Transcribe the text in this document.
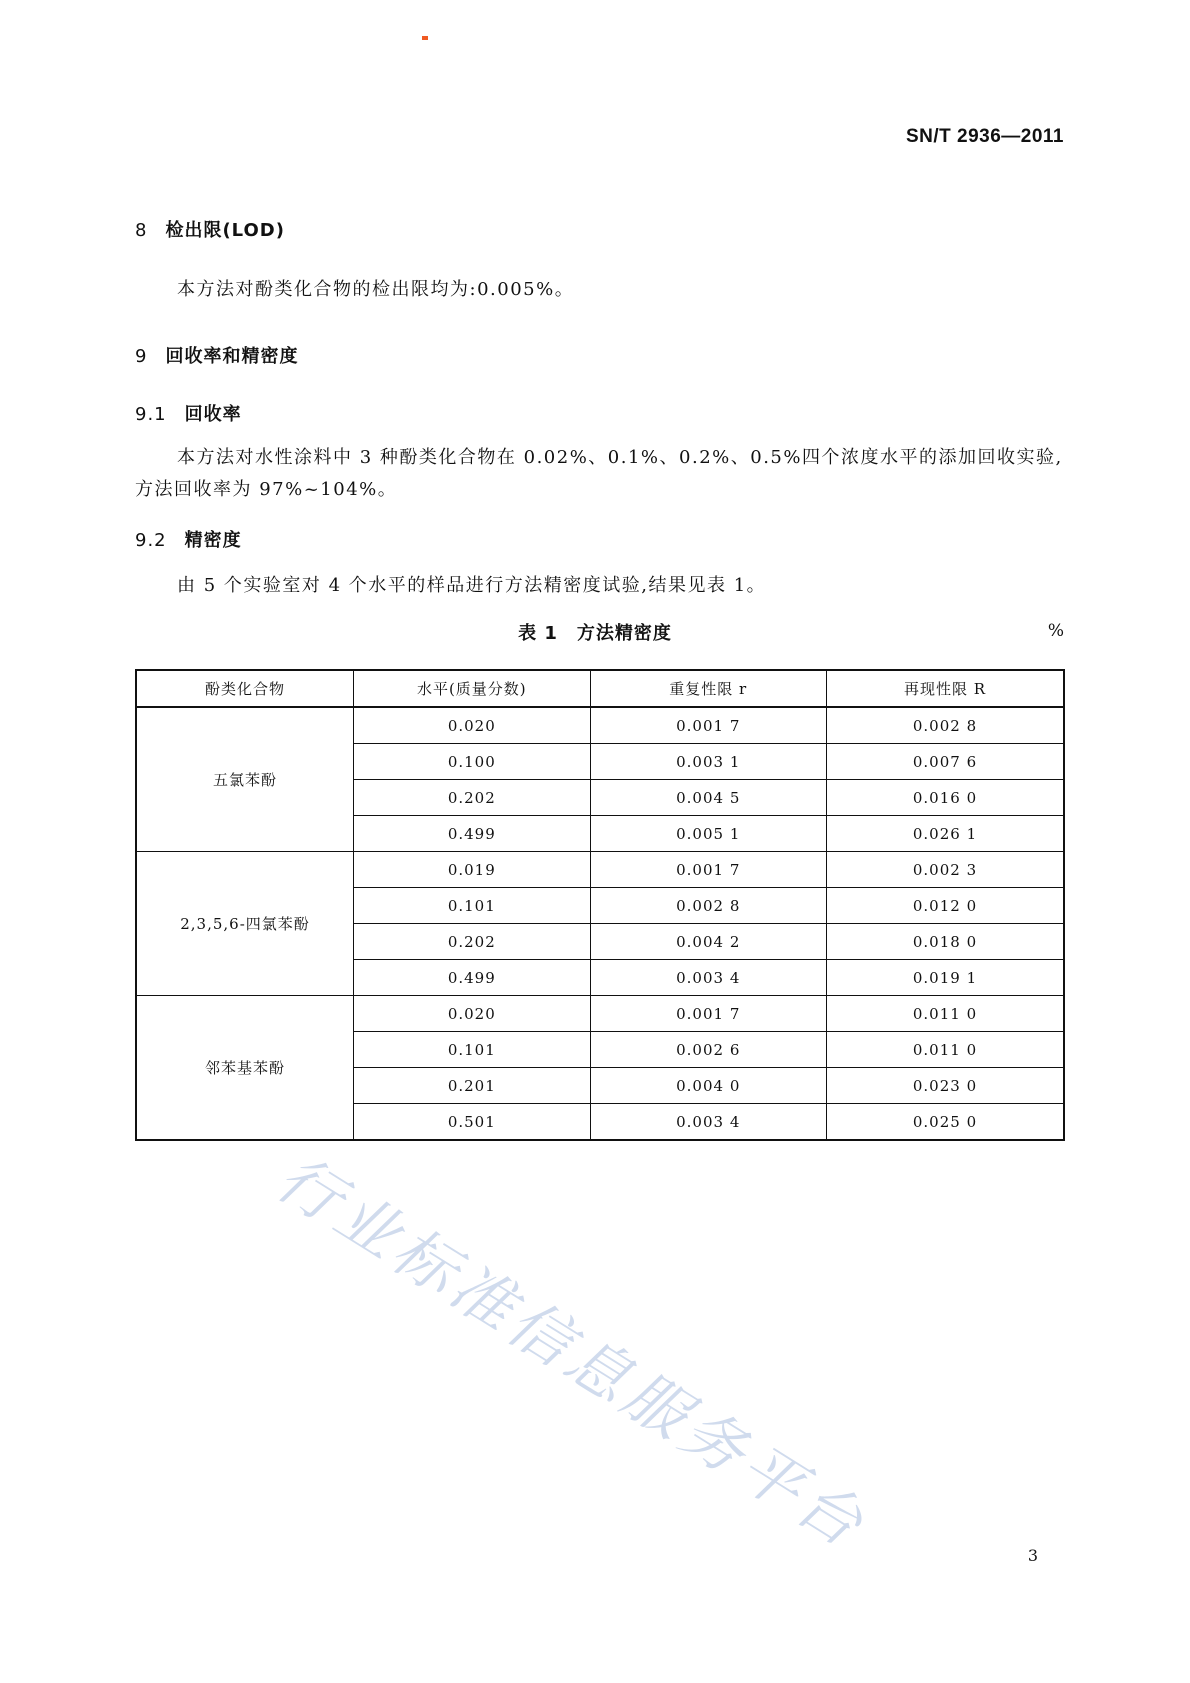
SN/T 2936—2011
8 检出限(LOD)
本方法对酚类化合物的检出限均为:0.005%。
9 回收率和精密度
9.1 回收率
本方法对水性涂料中 3 种酚类化合物在 0.02%、0.1%、0.2%、0.5%四个浓度水平的添加回收实验,方法回收率为 97%~104%。
9.2 精密度
由 5 个实验室对 4 个水平的样品进行方法精密度试验,结果见表 1。
表 1　方法精密度	%
酚类化合物	水平(质量分数)	重复性限 r	再现性限 R
五氯苯酚	0.020	0.001 7	0.002 8
	0.100	0.003 1	0.007 6
	0.202	0.004 5	0.016 0
	0.499	0.005 1	0.026 1
2,3,5,6-四氯苯酚	0.019	0.001 7	0.002 3
	0.101	0.002 8	0.012 0
	0.202	0.004 2	0.018 0
	0.499	0.003 4	0.019 1
邻苯基苯酚	0.020	0.001 7	0.011 0
	0.101	0.002 6	0.011 0
	0.201	0.004 0	0.023 0
	0.501	0.003 4	0.025 0
行业标准信息服务平台	3
